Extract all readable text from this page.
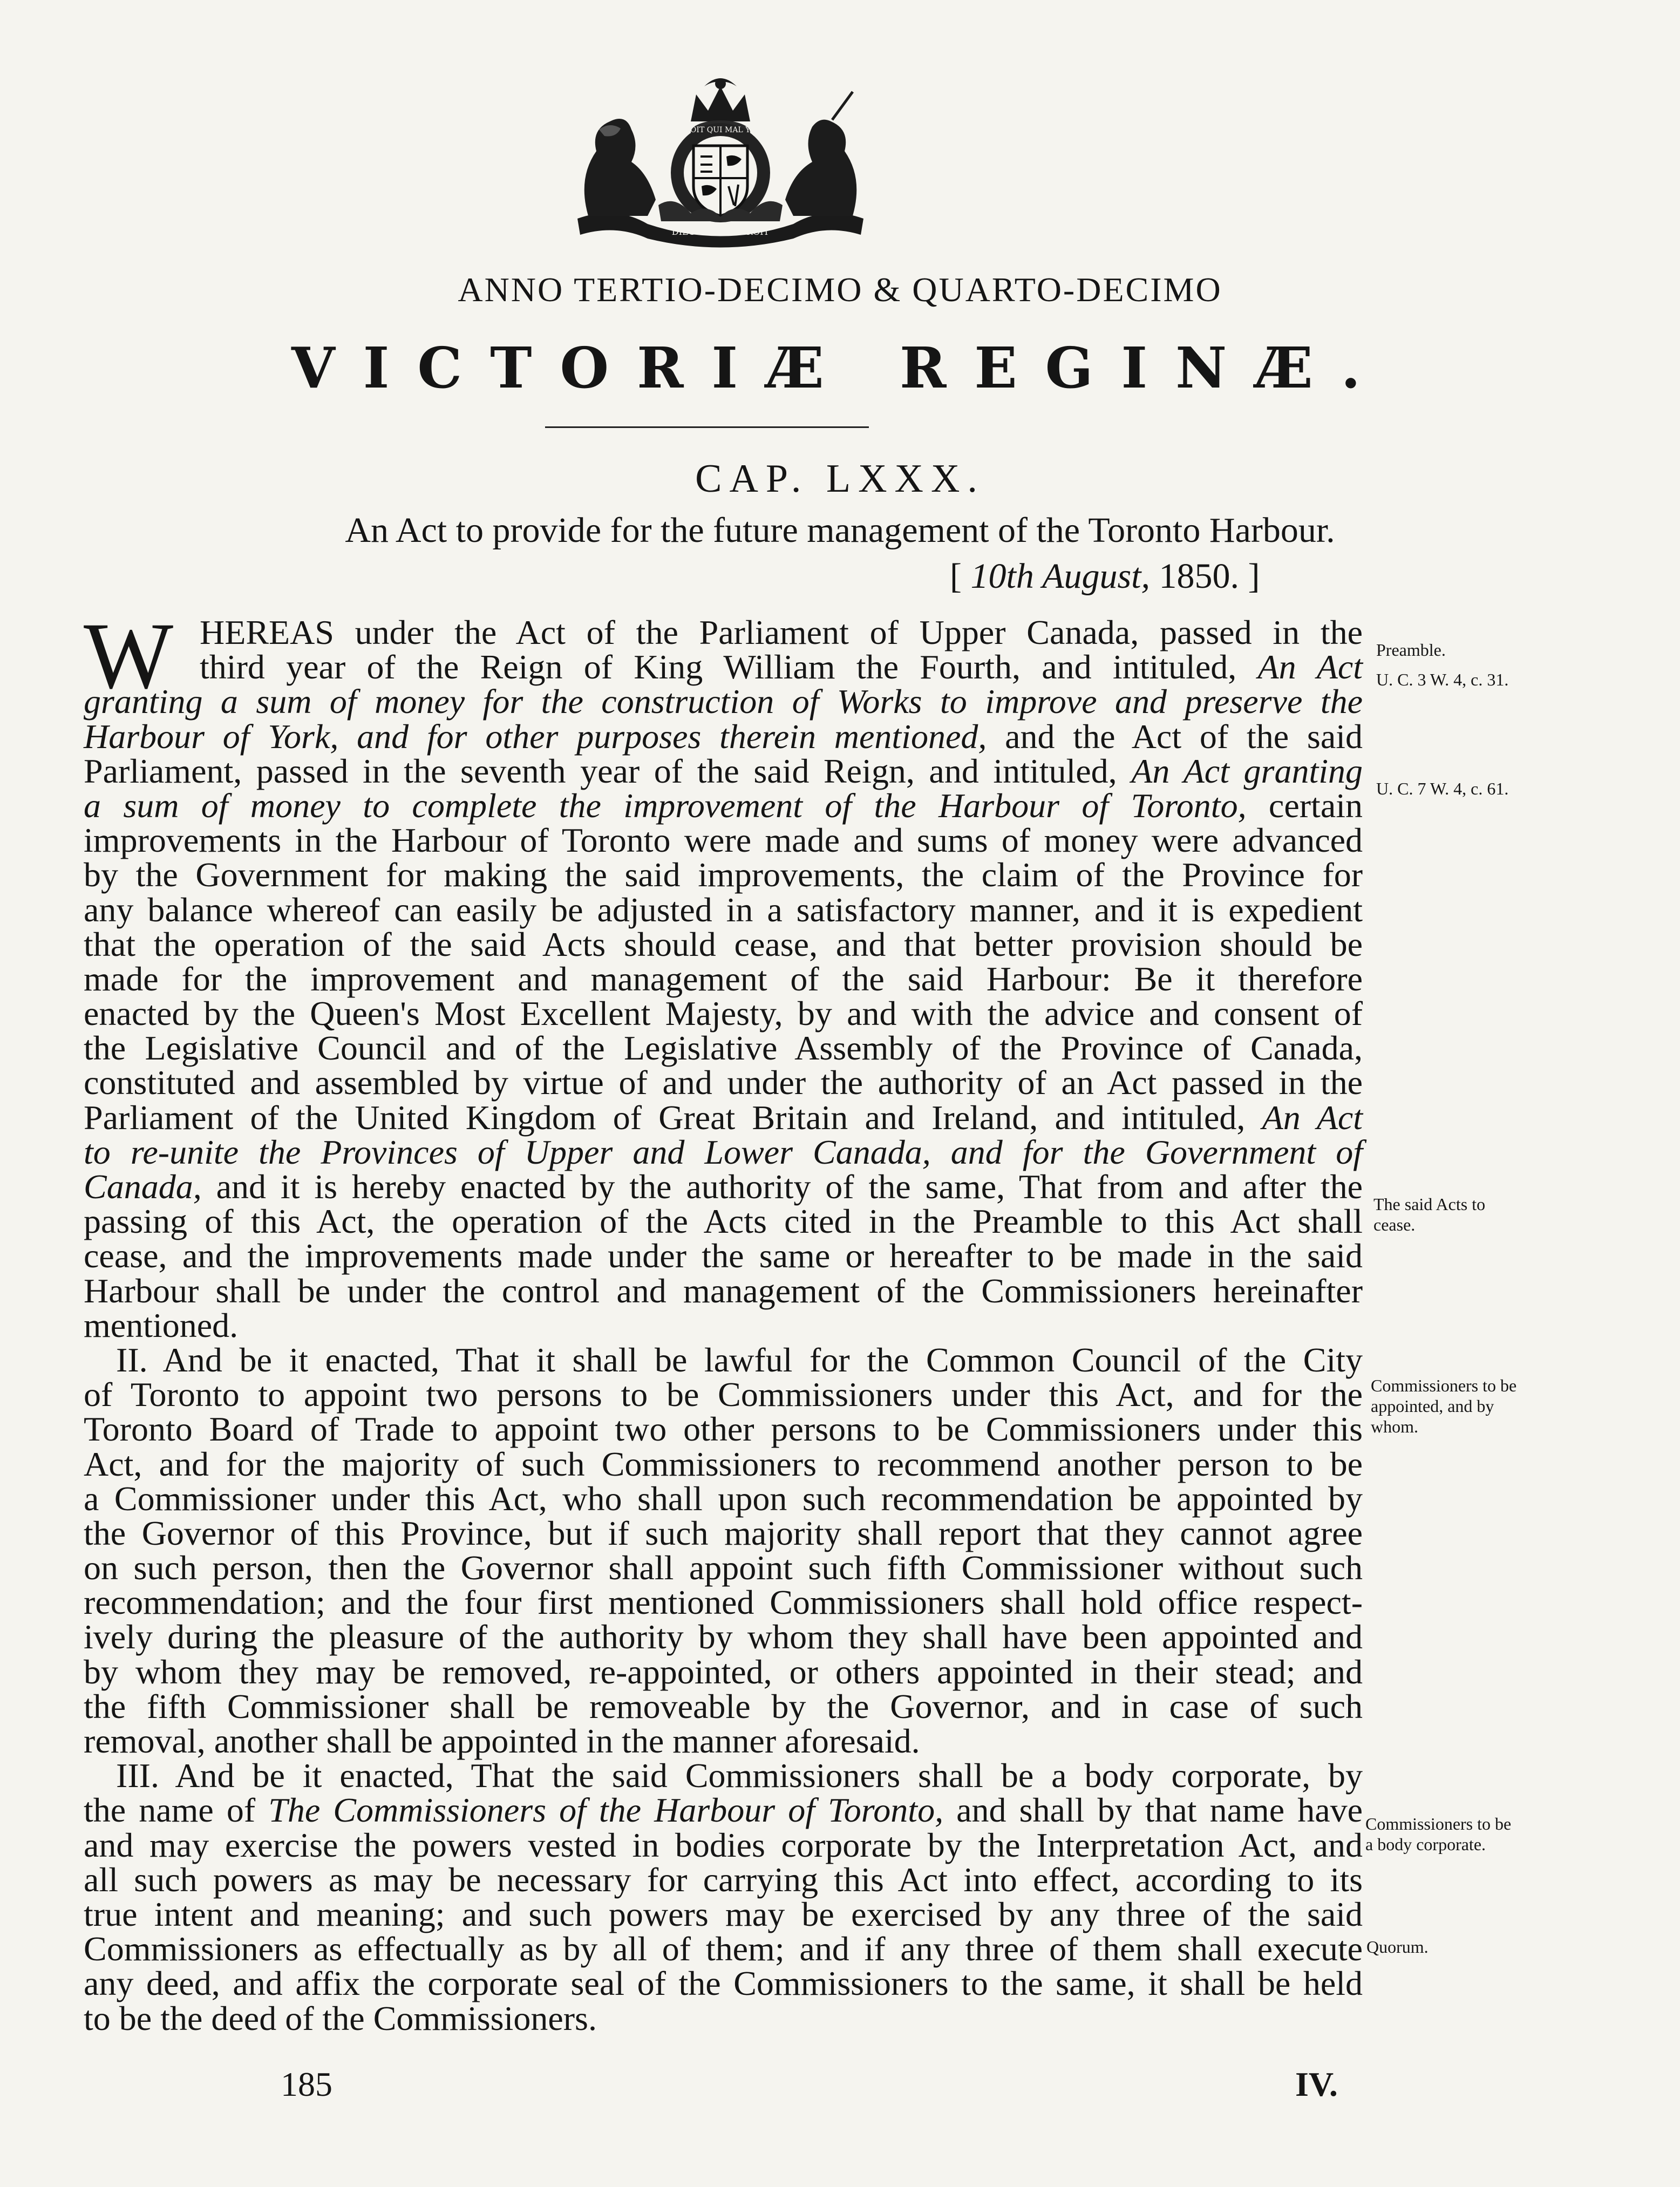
DIEU ET MON DROIT
HONI SOIT QUI MAL Y PENSE
ANNO TERTIO-DECIMO & QUARTO-DECIMO
VICTORIÆ REGINÆ.
CAP. LXXX.
An Act to provide for the future management of the Toronto Harbour.
[ 10th August, 1850. ]
W HEREAS under the Act of the Parliament of Upper Canada, passed in the
third year of the Reign of King William the Fourth, and intituled, An Act
granting a sum of money for the construction of Works to improve and preserve the
Harbour of York, and for other purposes therein mentioned, and the Act of the said
Parliament, passed in the seventh year of the said Reign, and intituled, An Act granting
a sum of money to complete the improvement of the Harbour of Toronto, certain
improvements in the Harbour of Toronto were made and sums of money were advanced
by the Government for making the said improvements, the claim of the Province for
any balance whereof can easily be adjusted in a satisfactory manner, and it is expedient
that the operation of the said Acts should cease, and that better provision should be
made for the improvement and management of the said Harbour: Be it therefore
enacted by the Queen's Most Excellent Majesty, by and with the advice and consent of
the Legislative Council and of the Legislative Assembly of the Province of Canada,
constituted and assembled by virtue of and under the authority of an Act passed in the
Parliament of the United Kingdom of Great Britain and Ireland, and intituled, An Act
to re-unite the Provinces of Upper and Lower Canada, and for the Government of
Canada, and it is hereby enacted by the authority of the same, That from and after the
passing of this Act, the operation of the Acts cited in the Preamble to this Act shall
cease, and the improvements made under the same or hereafter to be made in the said
Harbour shall be under the control and management of the Commissioners hereinafter
mentioned.
II. And be it enacted, That it shall be lawful for the Common Council of the City
of Toronto to appoint two persons to be Commissioners under this Act, and for the
Toronto Board of Trade to appoint two other persons to be Commissioners under this
Act, and for the majority of such Commissioners to recommend another person to be
a Commissioner under this Act, who shall upon such recommendation be appointed by
the Governor of this Province, but if such majority shall report that they cannot agree
on such person, then the Governor shall appoint such fifth Commissioner without such
recommendation; and the four first mentioned Commissioners shall hold office respect-
ively during the pleasure of the authority by whom they shall have been appointed and
by whom they may be removed, re-appointed, or others appointed in their stead; and
the fifth Commissioner shall be removeable by the Governor, and in case of such
removal, another shall be appointed in the manner aforesaid.
III. And be it enacted, That the said Commissioners shall be a body corporate, by
the name of The Commissioners of the Harbour of Toronto, and shall by that name have
and may exercise the powers vested in bodies corporate by the Interpretation Act, and
all such powers as may be necessary for carrying this Act into effect, according to its
true intent and meaning; and such powers may be exercised by any three of the said
Commissioners as effectually as by all of them; and if any three of them shall execute
any deed, and affix the corporate seal of the Commissioners to the same, it shall be held
to be the deed of the Commissioners.
Preamble.
U. C. 3 W. 4, c. 31.
U. C. 7 W. 4, c. 61.
The said Acts to
cease.
Commissioners to be
appointed, and by
whom.
Commissioners to be
a body corporate.
Quorum.
185	IV.
